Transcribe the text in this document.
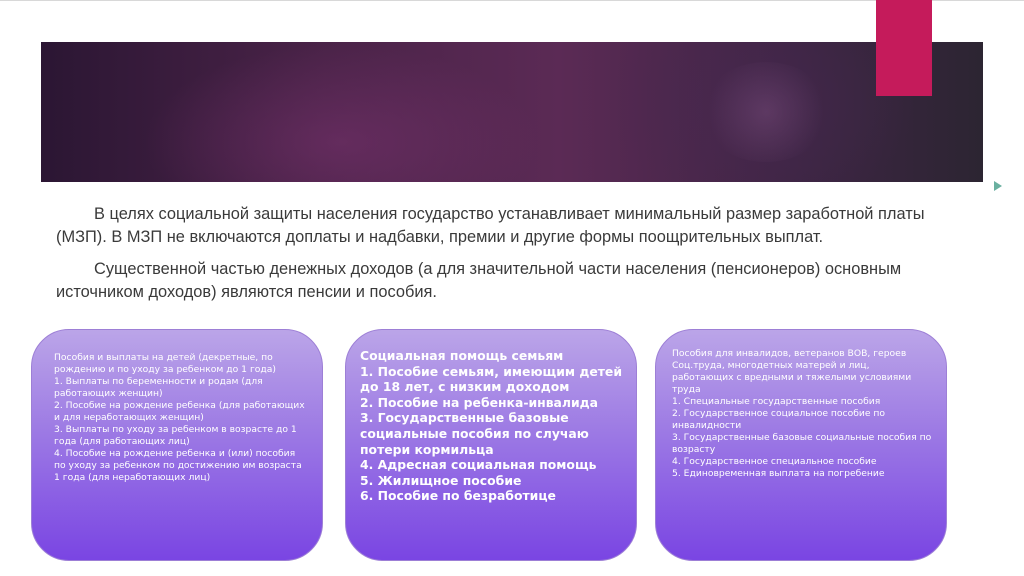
В целях социальной защиты населения государство устанавливает минимальный размер заработной платы (МЗП). В МЗП не включаются доплаты и надбавки, премии и другие формы поощрительных выплат.

Существенной частью денежных доходов (а для значительной части населения (пенсионеров) основным источником доходов) являются пенсии и пособия.

Пособия и выплаты на детей (декретные, по рождению и по уходу за ребенком до 1 года)
1. Выплаты по беременности и родам (для работающих женщин)
2. Пособие на рождение ребенка (для работающих и для неработающих женщин)
3. Выплаты по уходу за ребенком в возрасте до 1 года (для работающих лиц)
4. Пособие на рождение ребенка и (или) пособия по уходу за ребенком по достижению им возраста 1 года (для неработающих лиц)
Социальная помощь семьям
1. Пособие семьям, имеющим детей до 18 лет, с низким доходом
2. Пособие на ребенка-инвалида
3. Государственные базовые социальные пособия по случаю потери кормильца
4. Адресная социальная помощь
5. Жилищное пособие
6. Пособие по безработице
Пособия для инвалидов, ветеранов ВОВ, героев Соц.труда, многодетных матерей и лиц, работающих с вредными и тяжелыми условиями труда
1. Специальные государственные пособия
2. Государственное социальное пособие по инвалидности
3. Государственные базовые социальные пособия по возрасту
4. Государственное специальное пособие
5. Единовременная выплата на погребение
